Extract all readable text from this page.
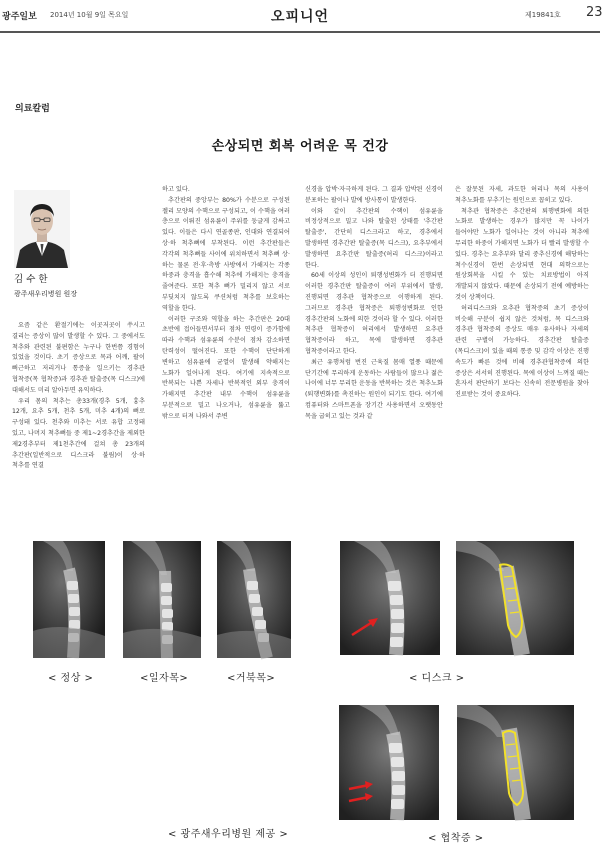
광주일보 2014년 10월 9일 목요일	오피니언	제19841호 23
의료칼럼
손상되면 회복 어려운 목 건강
김 수 한
광주새우리병원 원장

요즘 같은 환절기에는 이곳저곳이 쑤시고 결리는 증상이 많이 발생할 수 있다. 그 중에서도 척추와 관련된 불편함은 누구나 한번쯤 경험이 있었을 것이다. 초기 증상으로 목과 어깨, 팔이 뻐근하고 저리거나 통증을 일으키는 경추관 협착증(목 협착증)과 경추관 탈출증(목 디스크)에 대해서도 미리 알아두면 유익하다.

우리 몸의 척추는 총33개(경추 5개, 흉추 12개, 요추 5개, 천추 5개, 미추 4개)의 뼈로 구성돼 있다. 천추와 미추는 서로 유합 고정돼 있고, 나머지 척추뼈들 중 제1~2경추간을 제외한 제2경추부터 제1천추간에 걸쳐 총 23개의 추간판(일반적으로 디스크라 불림)이 상·하 척추를 연결

하고 있다.

추간판의 중앙부는 80%가 수분으로 구성된 젤리 모양의 수핵으로 구성되고, 이 수핵을 여러 층으로 이뤄진 섬유륜이 주위를 둥글게 감싸고 있다. 이들은 다시 연골종판, 인대와 연결되어 상·하 척추뼈에 부착된다. 이런 추간판들은 각각의 척추뼈들 사이에 위치하면서 척추뼈 상·하는 물론 전·후·측방 사방에서 가해지는 각종 하중과 충격을 흡수해 척추에 가해지는 충격을 줄여준다. 또한 척추 뼈가 밀리지 않고 서로 부딪치지 않도록 쿠션처럼 척추를 보호하는 역할을 한다.

이러한 구조와 역할을 하는 추간판은 20대 초반에 접어들면서부터 점차 연령이 증가함에 따라 수핵과 섬유륜의 수분이 점차 감소하면 탄력성이 떨어진다. 또한 수핵이 단단하게 변하고 섬유륜에 균열이 발생해 약해지는 노화가 일어나게 된다. 여기에 지속적으로 반복되는 나쁜 자세나 반복적인 외부 충격이 가해지면 추간판 내부 수핵이 섬유륜을 부분적으로 밀고 나오거나, 섬유륜을 뚫고 밖으로 터져 나와서 주변

신경을 압박·자극하게 된다. 그 결과 압박된 신경이 분포하는 팔이나 발에 방사통이 발생한다.

이와 같이 추간판의 수핵이 섬유륜을 비정상적으로 밀고 나와 탈출된 상태를 '추간판 탈출증', 간단히 디스크라고 하고, 경추에서 발생하면 경추간판 탈출증(목 디스크), 요추부에서 발생하면 요추간판 탈출증(허리 디스크)이라고 한다.

60세 이상의 성인이 퇴행성변화가 더 진행되면 이러한 경추간판 탈출증이 여러 부위에서 발생, 진행되면 경추관 협착증으로 이행하게 된다. 그러므로 경추관 협착증은 퇴행성변화로 인한 경추간판의 노화에 의한 것이라 할 수 있다. 이러한 척추관 협착증이 허리에서 발생하면 요추관 협착증이라 하고, 목에 발생하면 경추관 협착증이라고 한다.

최근 유행처럼 번진 근육질 몸매 열풍 때문에 단기간에 무리하게 운동하는 사람들이 많으나 젊은 나이에 너무 무리한 운동을 반복하는 것은 척추노화(퇴행변화)를 촉진하는 원인이 되기도 한다. 여기에 컴퓨터와 스마트폰을 장기간 사용하면서 오랫동안 목을 굽히고 있는 것과 같

은 잘못된 자세, 과도한 허리나 목의 사용이 척추노화를 부추기는 원인으로 꼽히고 있다.

척추관 협착증은 추간판의 퇴행변화에 의한 노화로 발생하는 경우가 많지만 꼭 나이가 들어야만 노화가 일어나는 것이 아니라 척추에 무리한 하중이 가해지면 노화가 더 빨리 발생할 수 있다. 경추는 요추부와 달리 중추신경에 해당하는 척수신경이 한번 손상되면 현대 의학으로는 원상회복을 시킬 수 있는 치료방법이 아직 개발되지 않았다. 때문에 손상되기 전에 예방하는 것이 상책이다.

허리디스크와 요추관 협착증의 초기 증상이 비슷해 구분이 쉽지 않은 것처럼, 목 디스크와 경추관 협착증의 증상도 매우 유사하나 자세의 관련 구별이 가능하다. 경추간판 탈출증(목디스크)이 있을 때의 통증 및 감각 이상은 진행 속도가 빠른 것에 비해 경추관협착증에 의한 증상은 서서히 진행된다. 목에 이상이 느껴질 때는 혼자서 판단하기 보다는 신속히 전문병원을 찾아 진료받는 것이 중요하다.

< 정상 >	<일자목>	<거북목>	< 디스크 >
< 협착증 >
< 광주새우리병원 제공 >
